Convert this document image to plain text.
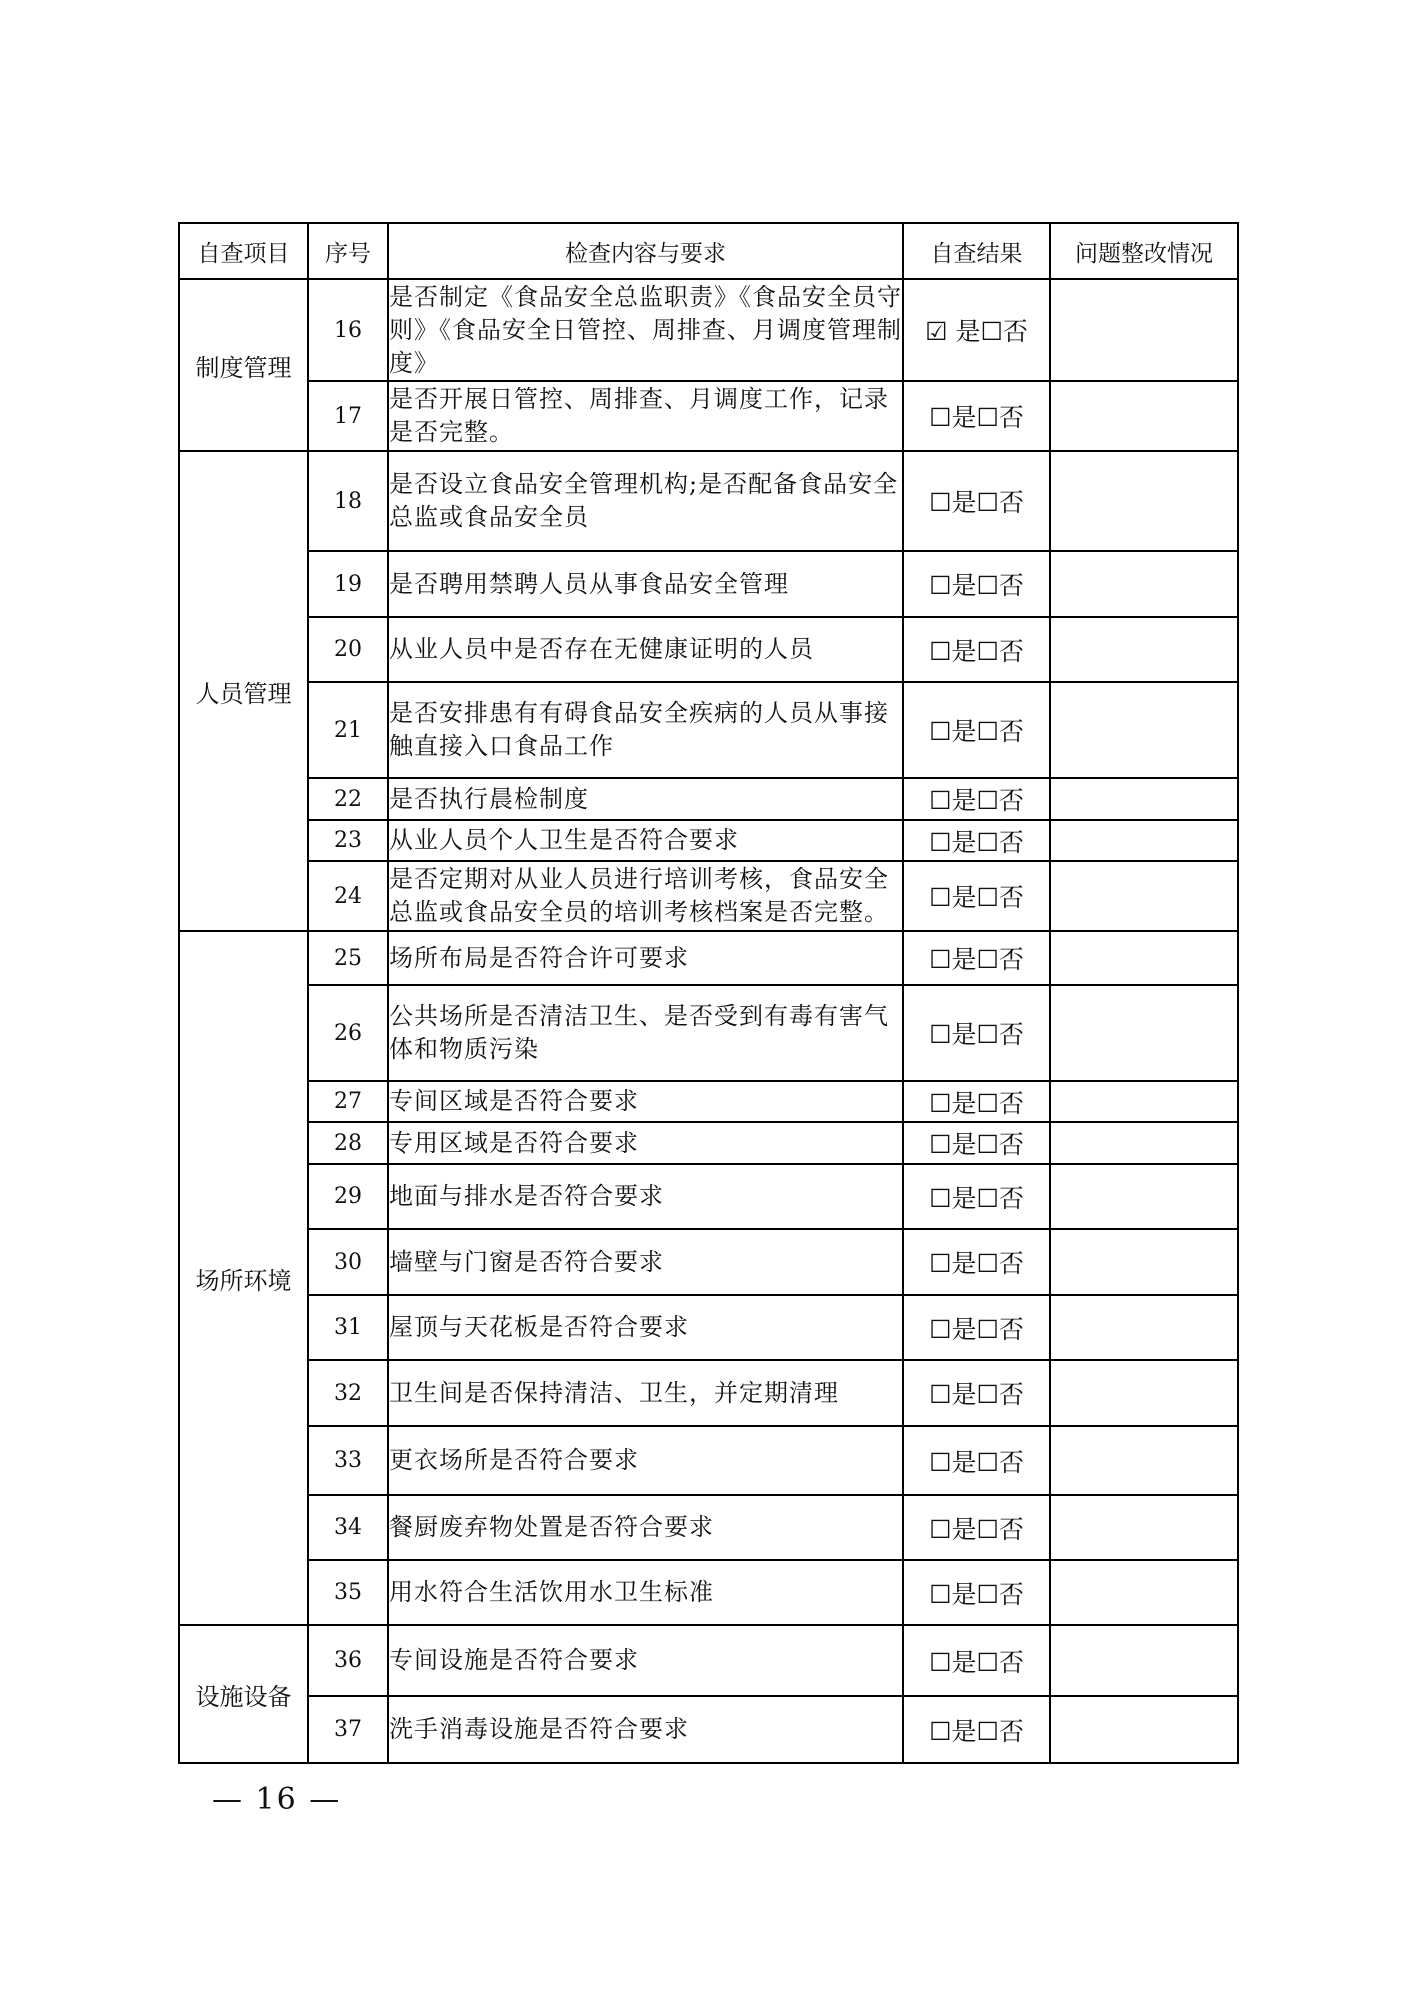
自查项目	序号	检查内容与要求	自查结果	问题整改情况
制度管理	16	是否制定《食品安全总监职责》《食品安全员守则》《食品安全日管控、周排查、月调度管理制度》	☑ 是☐否	
	17	是否开展日管控、周排查、月调度工作，记录是否完整。	☐是☐否	
人员管理	18	是否设立食品安全管理机构;是否配备食品安全总监或食品安全员	☐是☐否	
	19	是否聘用禁聘人员从事食品安全管理	☐是☐否	
	20	从业人员中是否存在无健康证明的人员	☐是☐否	
	21	是否安排患有有碍食品安全疾病的人员从事接触直接入口食品工作	☐是☐否	
	22	是否执行晨检制度	☐是☐否	
	23	从业人员个人卫生是否符合要求	☐是☐否	
	24	是否定期对从业人员进行培训考核，食品安全总监或食品安全员的培训考核档案是否完整。	☐是☐否	
场所环境	25	场所布局是否符合许可要求	☐是☐否	
	26	公共场所是否清洁卫生、是否受到有毒有害气体和物质污染	☐是☐否	
	27	专间区域是否符合要求	☐是☐否	
	28	专用区域是否符合要求	☐是☐否	
	29	地面与排水是否符合要求	☐是☐否	
	30	墙壁与门窗是否符合要求	☐是☐否	
	31	屋顶与天花板是否符合要求	☐是☐否	
	32	卫生间是否保持清洁、卫生，并定期清理	☐是☐否	
	33	更衣场所是否符合要求	☐是☐否	
	34	餐厨废弃物处置是否符合要求	☐是☐否	
	35	用水符合生活饮用水卫生标准	☐是☐否	
设施设备	36	专间设施是否符合要求	☐是☐否	
	37	洗手消毒设施是否符合要求	☐是☐否	
— 16 —
